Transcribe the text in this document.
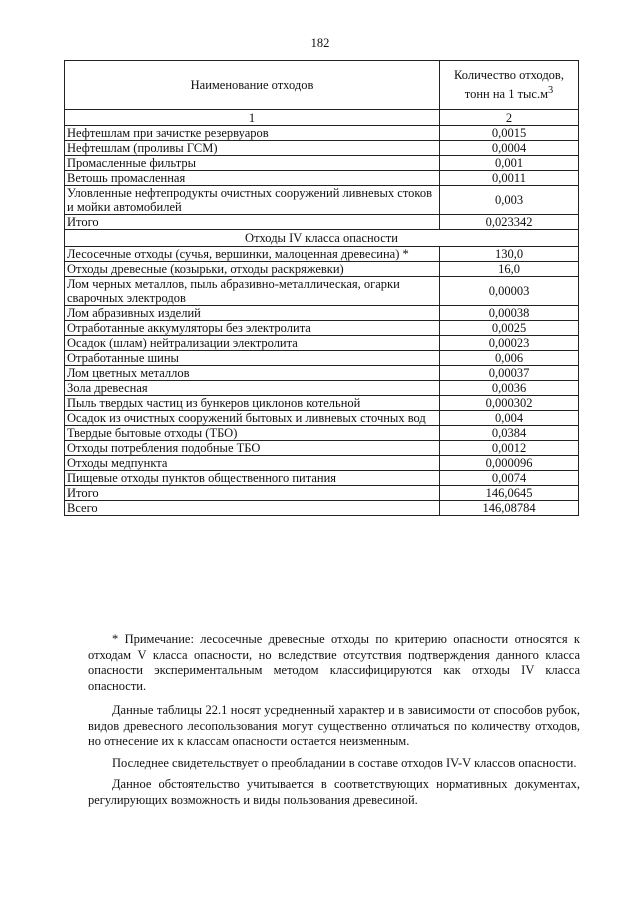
182
Наименование отходов	Количество отходов,
тонн на 1 $тыс.м^3$
1	2
Нефтешлам при зачистке резервуаров	0,0015
Нефтешлам (проливы ГСМ)	0,0004
Промасленные фильтры	0,001
Ветошь промасленная	0,0011
Уловленные нефтепродукты очистных сооружений ливневых стоков и мойки автомобилей	0,003
Итого	0,023342
Отходы IV класса опасности	
Лесосечные отходы (сучья, вершинки, малоценная древесина) *	130,0
Отходы древесные (козырьки, отходы раскряжевки)	16,0
Лом черных металлов, пыль абразивно-металлическая, огарки сварочных электродов	0,00003
Лом абразивных изделий	0,00038
Отработанные аккумуляторы без электролита	0,0025
Осадок (шлам) нейтрализации электролита	0,00023
Отработанные шины	0,006
Лом цветных металлов	0,00037
Зола древесная	0,0036
Пыль твердых частиц из бункеров циклонов котельной	0,000302
Осадок из очистных сооружений бытовых и ливневых сточных вод	0,004
Твердые бытовые отходы (ТБО)	0,0384
Отходы потребления подобные ТБО	0,0012
Отходы медпункта	0,000096
Пищевые отходы пунктов общественного питания	0,0074
Итого	146,0645
Всего	146,08784

* Примечание: лесосечные древесные отходы по критерию опасности относятся к отходам V класса опасности, но вследствие отсутствия подтверждения данного класса опасности экспериментальным методом классифицируются как отходы IV класса опасности.

Данные таблицы 22.1 носят усредненный характер и в зависимости от способов рубок, видов древесного лесопользования могут существенно отличаться по количеству отходов, но отнесение их к классам опасности остается неизменным.

Последнее свидетельствует о преобладании в составе отходов IV-V классов опасности.

Данное обстоятельство учитывается в соответствующих нормативных документах, регулирующих возможность и виды пользования древесиной.
